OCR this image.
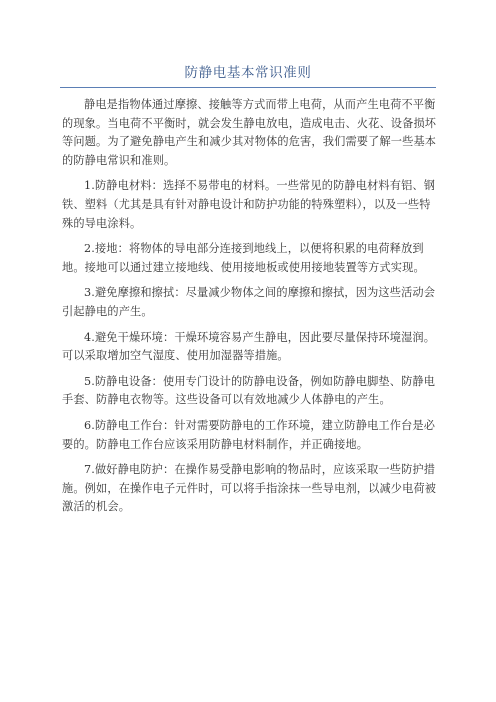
防静电基本常识准则

静电是指物体通过摩擦、接触等方式而带上电荷，从而产生电荷不平衡的现象。当电荷不平衡时，就会发生静电放电，造成电击、火花、设备损坏等问题。为了避免静电产生和减少其对物体的危害，我们需要了解一些基本的防静电常识和准则。

1.防静电材料：选择不易带电的材料。一些常见的防静电材料有铝、钢铁、塑料（尤其是具有针对静电设计和防护功能的特殊塑料），以及一些特殊的导电涂料。

2.接地：将物体的导电部分连接到地线上，以便将积累的电荷释放到地。接地可以通过建立接地线、使用接地板或使用接地装置等方式实现。

3.避免摩擦和擦拭：尽量减少物体之间的摩擦和擦拭，因为这些活动会引起静电的产生。

4.避免干燥环境：干燥环境容易产生静电，因此要尽量保持环境湿润。可以采取增加空气湿度、使用加湿器等措施。

5.防静电设备：使用专门设计的防静电设备，例如防静电脚垫、防静电手套、防静电衣物等。这些设备可以有效地减少人体静电的产生。

6.防静电工作台：针对需要防静电的工作环境，建立防静电工作台是必要的。防静电工作台应该采用防静电材料制作，并正确接地。

7.做好静电防护：在操作易受静电影响的物品时，应该采取一些防护措施。例如，在操作电子元件时，可以将手指涂抹一些导电剂，以减少电荷被激活的机会。
